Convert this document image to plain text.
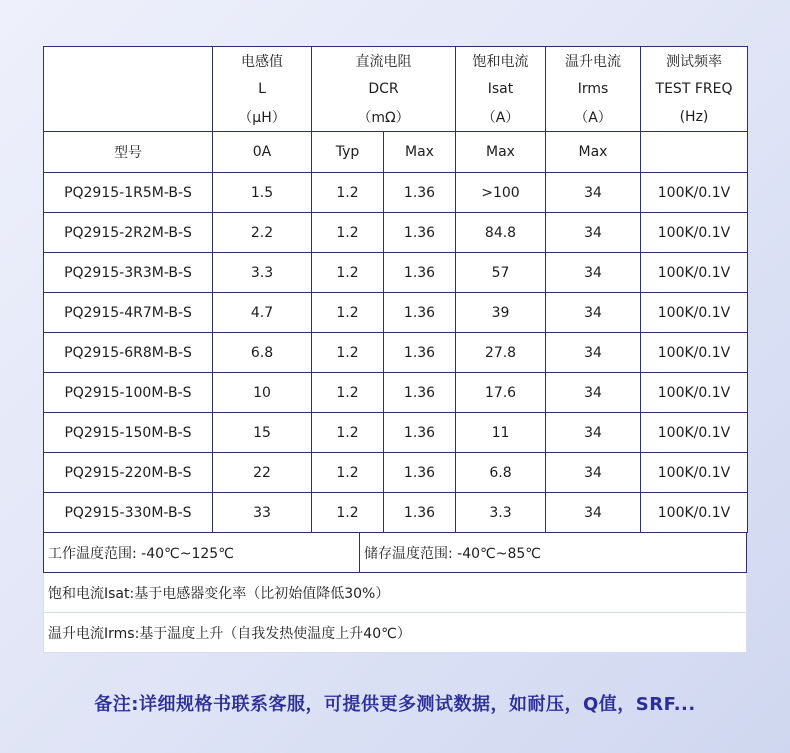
	电感值	直流电阻		饱和电流	温升电流	测试频率
	L	DCR		Isat	Irms	TEST FREQ
	（μH）	（mΩ）		（A）	（A）	(Hz)
型号	0A	Typ	Max	Max	Max	
PQ2915-1R5M-B-S	1.5	1.2	1.36	>100	34	100K/0.1V
PQ2915-2R2M-B-S	2.2	1.2	1.36	84.8	34	100K/0.1V
PQ2915-3R3M-B-S	3.3	1.2	1.36	57	34	100K/0.1V
PQ2915-4R7M-B-S	4.7	1.2	1.36	39	34	100K/0.1V
PQ2915-6R8M-B-S	6.8	1.2	1.36	27.8	34	100K/0.1V
PQ2915-100M-B-S	10	1.2	1.36	17.6	34	100K/0.1V
PQ2915-150M-B-S	15	1.2	1.36	11	34	100K/0.1V
PQ2915-220M-B-S	22	1.2	1.36	6.8	34	100K/0.1V
PQ2915-330M-B-S	33	1.2	1.36	3.3	34	100K/0.1V
工作温度范围: -40℃~125℃	储存温度范围: -40℃~85℃
饱和电流Isat:基于电感器变化率（比初始值降低30%）
温升电流Irms:基于温度上升（自我发热使温度上升40℃）
备注:详细规格书联系客服，可提供更多测试数据，如耐压，Q值，SRF...
